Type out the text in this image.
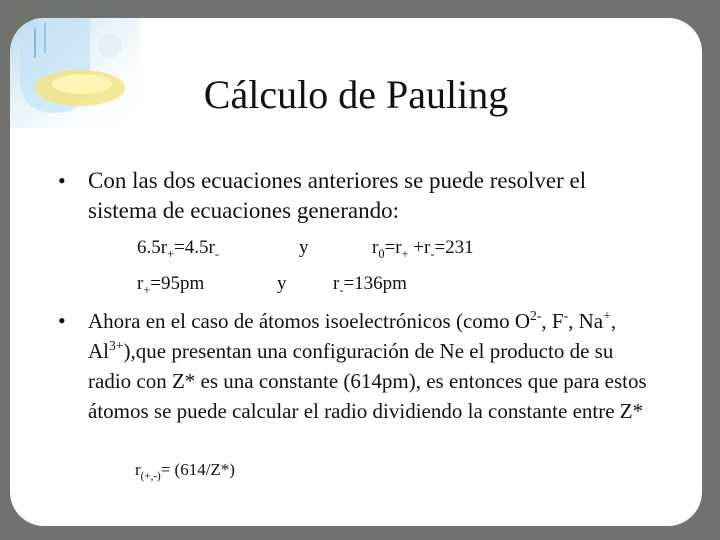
Cálculo de Pauling
• Con las dos ecuaciones anteriores se puede resolver el sistema de ecuaciones generando:
$6.5r_+=4.5r_-$	y	$r_0=r_+ +r_-=231$
$r_+=95pm$	y $r_-=136pm$
•	Ahora en el caso de átomos isoelectrónicos (como $O^{2-}$, F-, Na+, $Al^{3+}),que$ presentan una configuración de Ne el producto de su radio con Z* es una constante (614pm), es entonces que para estos átomos se puede calcular el radio dividiendo la constante entre Z*
$r_{(+,-)}= (614/Z*)$
